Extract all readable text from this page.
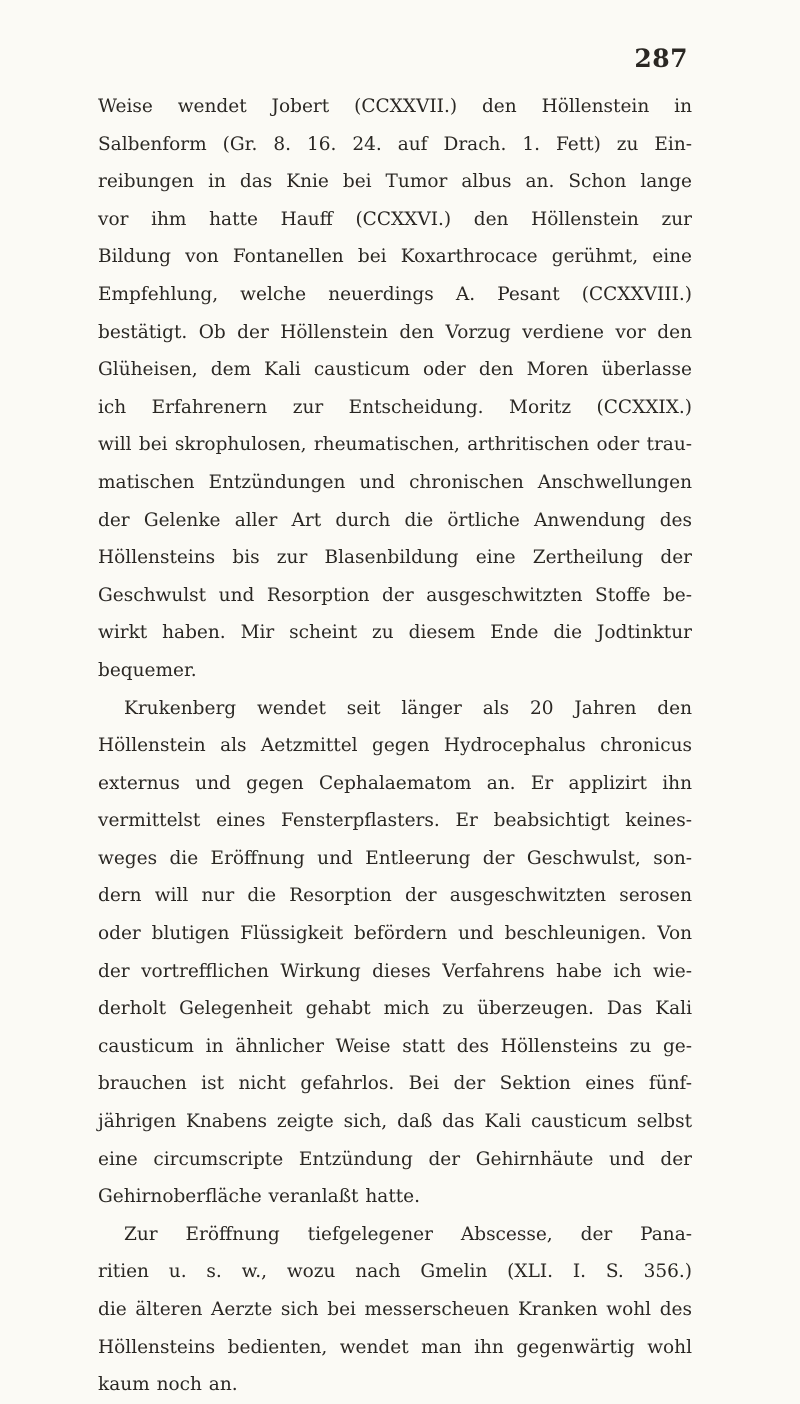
287
Weise wendet Jobert (CCXXVII.) den Höllenstein in
Salbenform (Gr. 8. 16. 24. auf Drach. 1. Fett) zu Ein-
reibungen in das Knie bei Tumor albus an. Schon lange
vor ihm hatte Hauff (CCXXVI.) den Höllenstein zur
Bildung von Fontanellen bei Koxarthrocace gerühmt, eine
Empfehlung, welche neuerdings A. Pesant (CCXXVIII.)
bestätigt. Ob der Höllenstein den Vorzug verdiene vor den
Glüheisen, dem Kali causticum oder den Moren überlasse
ich Erfahrenern zur Entscheidung. Moritz (CCXXIX.)
will bei skrophulosen, rheumatischen, arthritischen oder trau-
matischen Entzündungen und chronischen Anschwellungen
der Gelenke aller Art durch die örtliche Anwendung des
Höllensteins bis zur Blasenbildung eine Zertheilung der
Geschwulst und Resorption der ausgeschwitzten Stoffe be-
wirkt haben. Mir scheint zu diesem Ende die Jodtinktur
bequemer.
Krukenberg wendet seit länger als 20 Jahren den
Höllenstein als Aetzmittel gegen Hydrocephalus chronicus
externus und gegen Cephalaematom an. Er applizirt ihn
vermittelst eines Fensterpflasters. Er beabsichtigt keines-
weges die Eröffnung und Entleerung der Geschwulst, son-
dern will nur die Resorption der ausgeschwitzten serosen
oder blutigen Flüssigkeit befördern und beschleunigen. Von
der vortrefflichen Wirkung dieses Verfahrens habe ich wie-
derholt Gelegenheit gehabt mich zu überzeugen. Das Kali
causticum in ähnlicher Weise statt des Höllensteins zu ge-
brauchen ist nicht gefahrlos. Bei der Sektion eines fünf-
jährigen Knabens zeigte sich, daß das Kali causticum selbst
eine circumscripte Entzündung der Gehirnhäute und der
Gehirnoberfläche veranlaßt hatte.
Zur Eröffnung tiefgelegener Abscesse, der Pana-
ritien u. s. w., wozu nach Gmelin (XLI. I. S. 356.)
die älteren Aerzte sich bei messerscheuen Kranken wohl des
Höllensteins bedienten, wendet man ihn gegenwärtig wohl
kaum noch an.
